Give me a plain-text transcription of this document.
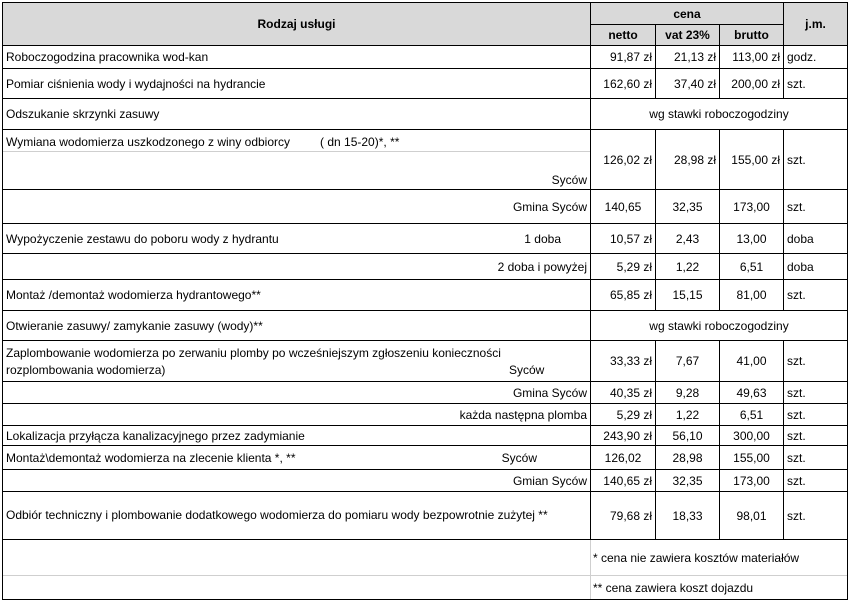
Rodzaj usługi	cena			j.m.
	netto	vat 23%	brutto	
Roboczogodzina pracownika wod-kan	91,87 zł	21,13 zł	113,00 zł	godz.
Pomiar ciśnienia wody i wydajności na hydrancie	162,60 zł	37,40 zł	200,00 zł	szt.
Odszukanie skrzynki zasuwy	wg stawki roboczogodziny			

Wymiana wodomierza uszkodzonego z winy odbiorcy ( dn 15-20)*, **
Syców	126,02 zł	28,98 zł	155,00 zł	szt.
Gmina Syców	140,65	32,35	173,00	szt.
Wypożyczenie zestawu do poboru wody z hydrantu 1 doba	10,57 zł	2,43	13,00	doba
2 doba i powyżej	5,29 zł	1,22	6,51	doba
Montaż /demontaż wodomierza hydrantowego**	65,85 zł	15,15	81,00	szt.
Otwieranie zasuwy/ zamykanie zasuwy (wody)**	wg stawki roboczogodziny			

Zaplombowanie wodomierza po zerwaniu plomby po wcześniejszym zgłoszeniu konieczności rozplombowania wodomierza) Syców	33,33 zł	7,67	41,00	szt.
Gmina Syców	40,35 zł	9,28	49,63	szt.
każda następna plomba	5,29 zł	1,22	6,51	szt.
Lokalizacja przyłącza kanalizacyjnego przez zadymianie	243,90 zł	56,10	300,00	szt.
Montaż\demontaż wodomierza na zlecenie klienta *, ** Syców	126,02	28,98	155,00	szt.
Gmian Syców	140,65 zł	32,35	173,00	szt.
Odbiór techniczny i plombowanie dodatkowego wodomierza do pomiaru wody bezpowrotnie zużytej **	79,68 zł	18,33	98,01	szt.
	* cena nie zawiera kosztów materiałów			
	** cena zawiera koszt dojazdu			
